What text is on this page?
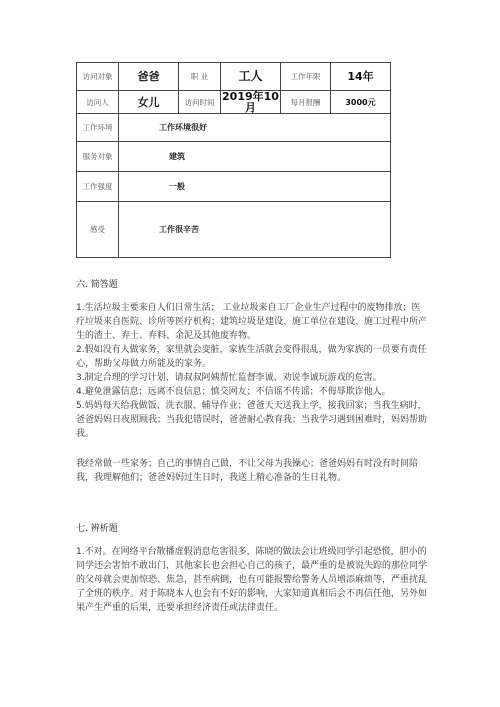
访问对象	爸爸	职 业	工人	工作年限	14年
访问人	女儿	访问时间	2019年10月	每月报酬	3000元
工作环境	工作环境很好				
服务对象	建筑				
工作强度	一般				
感受	工作很辛苦				
六. 简答题

1.生活垃圾主要来自人们日常生活； 工业垃圾来自工厂企业生产过程中的废物排放；医疗垃圾来自医院、诊所等医疗机构；建筑垃圾是建设、施工单位在建设、施工过程中所产生的渣土、弃土、弃料、余泥及其他废弃物。

2.假如没有人做家务，家里就会变脏，家族生活就会变得很乱，做为家族的一员要有责任心，帮助父母做力所能及的家务。

3.制定合理的学习计划、请叔叔阿姨帮忙监督李诚、劝说李诚玩游戏的危害。

4.避免泄露信息；远离不良信息；慎交网友；不信谣不传谣；不侮辱欺诈他人。

5.妈妈每天给我做饭、洗衣服、辅导作业；爸爸天天送我上学，接我回家；当我生病时，爸爸妈妈日夜照顾我；当我犯错误时，爸爸耐心教育我；当我学习遇到困难时，妈妈帮助我。

我经常做一些家务；自己的事情自己做，不让父母为我操心；爸爸妈妈有时没有时间陪我，我理解他们；爸爸妈妈过生日时，我送上精心准备的生日礼物。
七. 辨析题

1.不对。在网络平台散播虚假消息危害很多，陈晓的做法会让班级同学引起恐慌，胆小的同学还会害怕不敢出门，其他家长也会担心自己的孩子，最严重的是被说失踪的那位同学的父母就会更加惊恐、焦急，甚至病倒，也有可能报警给警务人员增添麻烦等，严重扰乱了全班的秩序。对于陈晓本人也会有不好的影响，大家知道真相后会不再信任他，另外如果产生严重的后果，还要承担经济责任或法律责任。
